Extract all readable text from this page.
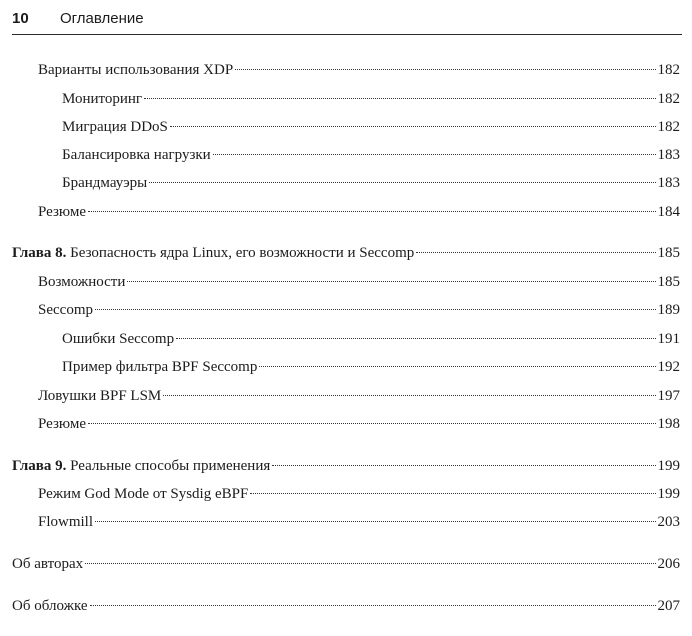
10 Оглавление
Варианты использования XDP	182
Мониторинг	182
Миграция DDoS	182
Балансировка нагрузки	183
Брандмауэры	183
Резюме	184
Глава 8. Безопасность ядра Linux, его возможности и Seccomp	185
Возможности	185
Seccomp	189
Ошибки Seccomp	191
Пример фильтра BPF Seccomp	192
Ловушки BPF LSM	197
Резюме	198
Глава 9. Реальные способы применения	199
Режим God Mode от Sysdig eBPF	199
Flowmill	203
Об авторах	206
Об обложке	207
